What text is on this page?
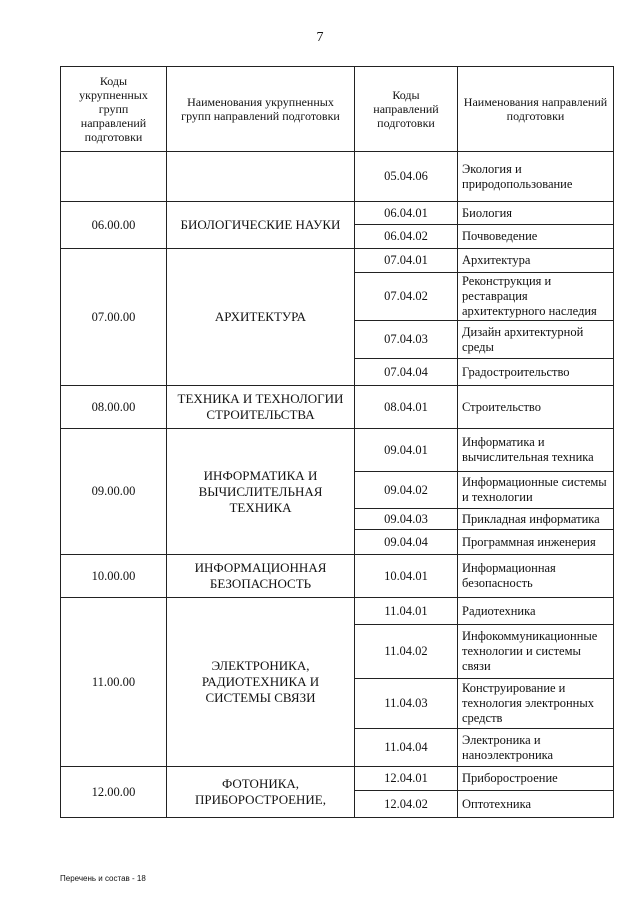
7
Коды укрупненных групп направлений подготовки	Наименования укрупненных групп направлений подготовки	Коды направлений подготовки	Наименования направлений подготовки
		05.04.06	Экология и природопользование
06.00.00	БИОЛОГИЧЕСКИЕ НАУКИ	06.04.01	Биология
		06.04.02	Почвоведение
07.00.00	АРХИТЕКТУРА	07.04.01	Архитектура
		07.04.02	Реконструкция и реставрация архитектурного наследия
		07.04.03	Дизайн архитектурной среды
		07.04.04	Градостроительство
08.00.00	ТЕХНИКА И ТЕХНОЛОГИИ СТРОИТЕЛЬСТВА	08.04.01	Строительство
09.00.00	ИНФОРМАТИКА И ВЫЧИСЛИТЕЛЬНАЯ ТЕХНИКА	09.04.01	Информатика и вычислительная техника
		09.04.02	Информационные системы и технологии
		09.04.03	Прикладная информатика
		09.04.04	Программная инженерия
10.00.00	ИНФОРМАЦИОННАЯ БЕЗОПАСНОСТЬ	10.04.01	Информационная безопасность
11.00.00	ЭЛЕКТРОНИКА, РАДИОТЕХНИКА И СИСТЕМЫ СВЯЗИ	11.04.01	Радиотехника
		11.04.02	Инфокоммуникационные технологии и системы связи
		11.04.03	Конструирование и технология электронных средств
		11.04.04	Электроника и наноэлектроника
12.00.00	ФОТОНИКА, ПРИБОРОСТРОЕНИЕ,	12.04.01	Приборостроение
		12.04.02	Оптотехника
Перечень и состав - 18
